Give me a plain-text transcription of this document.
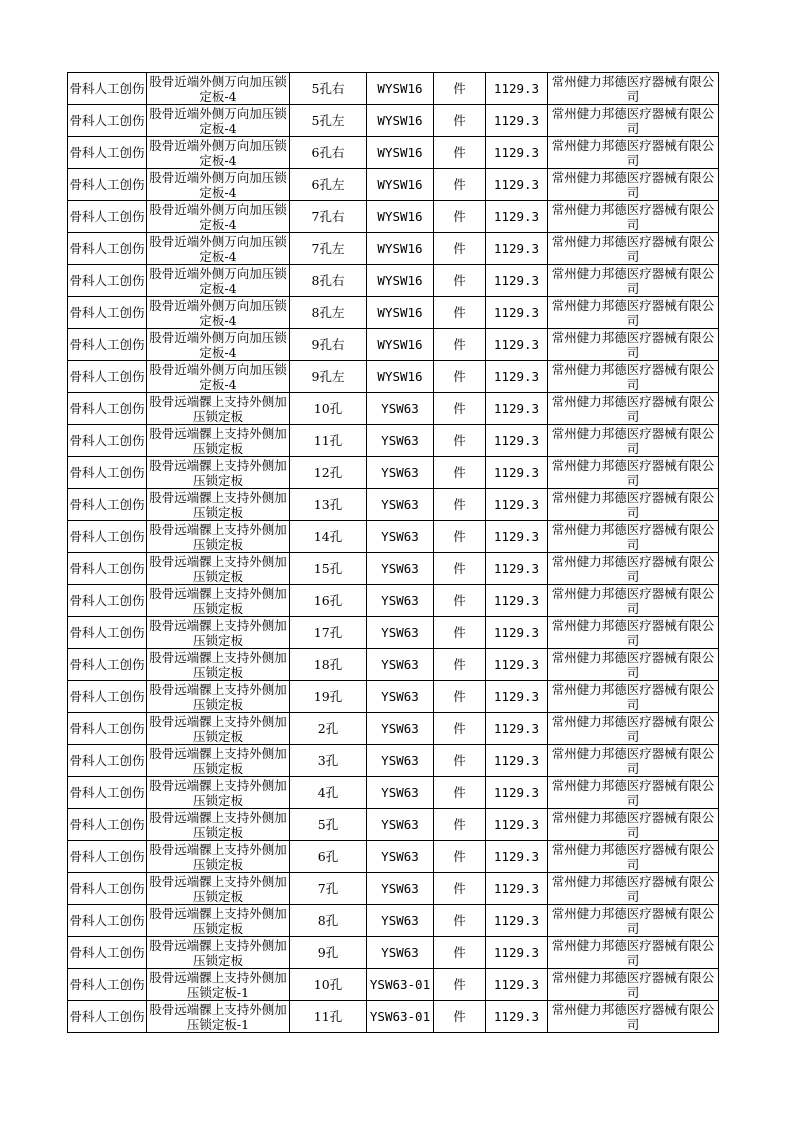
骨科人工创伤	股骨近端外侧万向加压锁定板-4	5孔右	WYSW16	件	1129.3	常州健力邦德医疗器械有限公司
骨科人工创伤	股骨近端外侧万向加压锁定板-4	5孔左	WYSW16	件	1129.3	常州健力邦德医疗器械有限公司
骨科人工创伤	股骨近端外侧万向加压锁定板-4	6孔右	WYSW16	件	1129.3	常州健力邦德医疗器械有限公司
骨科人工创伤	股骨近端外侧万向加压锁定板-4	6孔左	WYSW16	件	1129.3	常州健力邦德医疗器械有限公司
骨科人工创伤	股骨近端外侧万向加压锁定板-4	7孔右	WYSW16	件	1129.3	常州健力邦德医疗器械有限公司
骨科人工创伤	股骨近端外侧万向加压锁定板-4	7孔左	WYSW16	件	1129.3	常州健力邦德医疗器械有限公司
骨科人工创伤	股骨近端外侧万向加压锁定板-4	8孔右	WYSW16	件	1129.3	常州健力邦德医疗器械有限公司
骨科人工创伤	股骨近端外侧万向加压锁定板-4	8孔左	WYSW16	件	1129.3	常州健力邦德医疗器械有限公司
骨科人工创伤	股骨近端外侧万向加压锁定板-4	9孔右	WYSW16	件	1129.3	常州健力邦德医疗器械有限公司
骨科人工创伤	股骨近端外侧万向加压锁定板-4	9孔左	WYSW16	件	1129.3	常州健力邦德医疗器械有限公司
骨科人工创伤	股骨远端髁上支持外侧加压锁定板	10孔	YSW63	件	1129.3	常州健力邦德医疗器械有限公司
骨科人工创伤	股骨远端髁上支持外侧加压锁定板	11孔	YSW63	件	1129.3	常州健力邦德医疗器械有限公司
骨科人工创伤	股骨远端髁上支持外侧加压锁定板	12孔	YSW63	件	1129.3	常州健力邦德医疗器械有限公司
骨科人工创伤	股骨远端髁上支持外侧加压锁定板	13孔	YSW63	件	1129.3	常州健力邦德医疗器械有限公司
骨科人工创伤	股骨远端髁上支持外侧加压锁定板	14孔	YSW63	件	1129.3	常州健力邦德医疗器械有限公司
骨科人工创伤	股骨远端髁上支持外侧加压锁定板	15孔	YSW63	件	1129.3	常州健力邦德医疗器械有限公司
骨科人工创伤	股骨远端髁上支持外侧加压锁定板	16孔	YSW63	件	1129.3	常州健力邦德医疗器械有限公司
骨科人工创伤	股骨远端髁上支持外侧加压锁定板	17孔	YSW63	件	1129.3	常州健力邦德医疗器械有限公司
骨科人工创伤	股骨远端髁上支持外侧加压锁定板	18孔	YSW63	件	1129.3	常州健力邦德医疗器械有限公司
骨科人工创伤	股骨远端髁上支持外侧加压锁定板	19孔	YSW63	件	1129.3	常州健力邦德医疗器械有限公司
骨科人工创伤	股骨远端髁上支持外侧加压锁定板	2孔	YSW63	件	1129.3	常州健力邦德医疗器械有限公司
骨科人工创伤	股骨远端髁上支持外侧加压锁定板	3孔	YSW63	件	1129.3	常州健力邦德医疗器械有限公司
骨科人工创伤	股骨远端髁上支持外侧加压锁定板	4孔	YSW63	件	1129.3	常州健力邦德医疗器械有限公司
骨科人工创伤	股骨远端髁上支持外侧加压锁定板	5孔	YSW63	件	1129.3	常州健力邦德医疗器械有限公司
骨科人工创伤	股骨远端髁上支持外侧加压锁定板	6孔	YSW63	件	1129.3	常州健力邦德医疗器械有限公司
骨科人工创伤	股骨远端髁上支持外侧加压锁定板	7孔	YSW63	件	1129.3	常州健力邦德医疗器械有限公司
骨科人工创伤	股骨远端髁上支持外侧加压锁定板	8孔	YSW63	件	1129.3	常州健力邦德医疗器械有限公司
骨科人工创伤	股骨远端髁上支持外侧加压锁定板	9孔	YSW63	件	1129.3	常州健力邦德医疗器械有限公司
骨科人工创伤	股骨远端髁上支持外侧加压锁定板-1	10孔	YSW63-01	件	1129.3	常州健力邦德医疗器械有限公司
骨科人工创伤	股骨远端髁上支持外侧加压锁定板-1	11孔	YSW63-01	件	1129.3	常州健力邦德医疗器械有限公司
